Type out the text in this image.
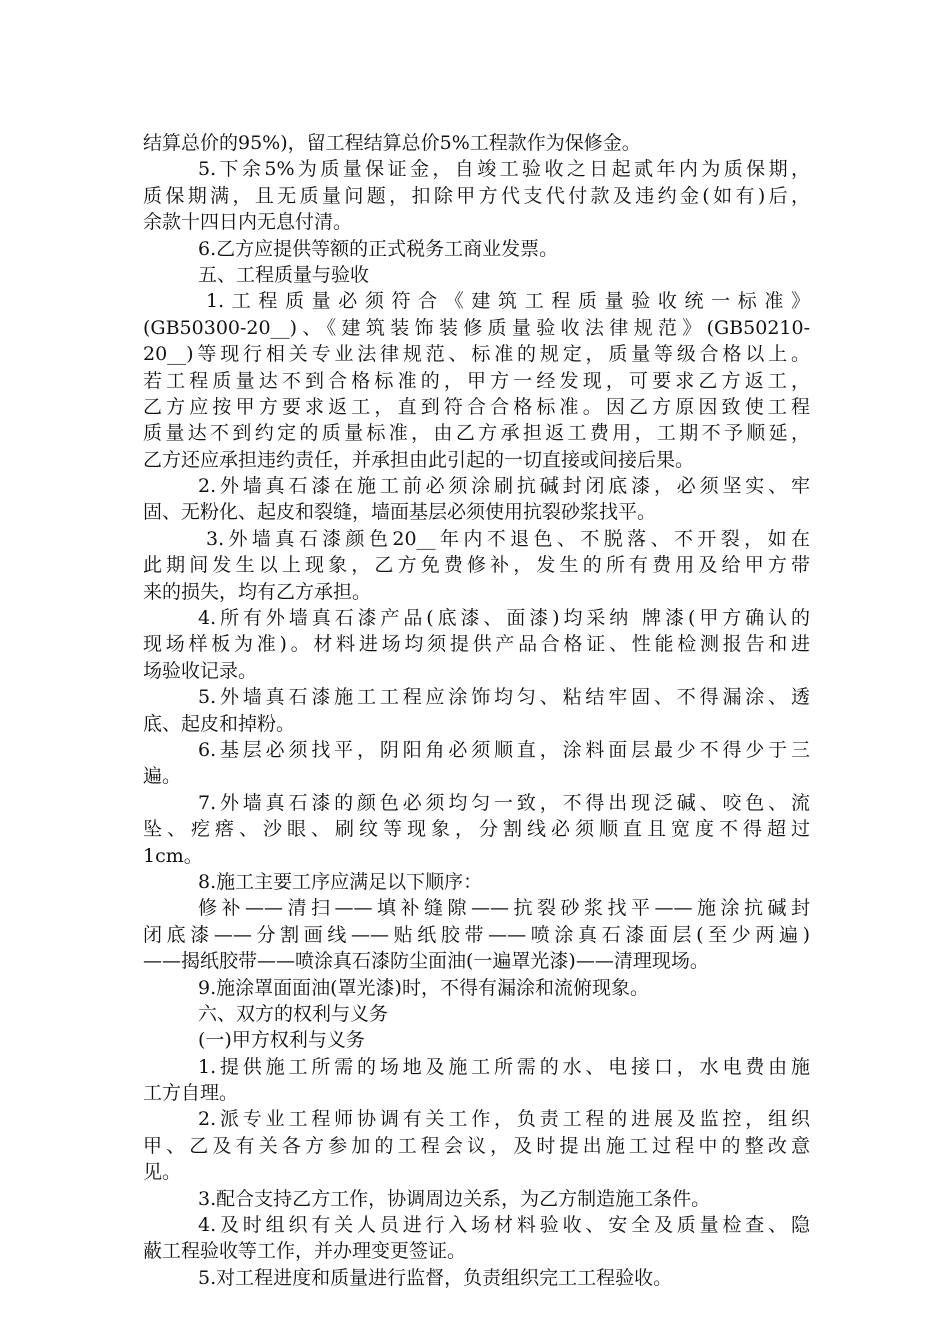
结算总价的95%)，留工程结算总价5%工程款作为保修金。
5.下余5%为质量保证金，自竣工验收之日起贰年内为质保期，
质保期满，且无质量问题，扣除甲方代支代付款及违约金(如有)后，
余款十四日内无息付清。
6.乙方应提供等额的正式税务工商业发票。
五、工程质量与验收
1.工程质量必须符合《建筑工程质量验收统一标准》
(GB50300-20__)、《建筑装饰装修质量验收法律规范》(GB50210-
20__)等现行相关专业法律规范、标准的规定，质量等级合格以上。
若工程质量达不到合格标准的，甲方一经发现，可要求乙方返工，
乙方应按甲方要求返工，直到符合合格标准。因乙方原因致使工程
质量达不到约定的质量标准，由乙方承担返工费用，工期不予顺延，
乙方还应承担违约责任，并承担由此引起的一切直接或间接后果。
2.外墙真石漆在施工前必须涂刷抗碱封闭底漆，必须坚实、牢
固、无粉化、起皮和裂缝，墙面基层必须使用抗裂砂浆找平。
3.外墙真石漆颜色20__年内不退色、不脱落、不开裂，如在
此期间发生以上现象，乙方免费修补，发生的所有费用及给甲方带
来的损失，均有乙方承担。
4.所有外墙真石漆产品(底漆、面漆)均采纳 牌漆(甲方确认的
现场样板为准)。材料进场均须提供产品合格证、性能检测报告和进
场验收记录。
5.外墙真石漆施工工程应涂饰均匀、粘结牢固、不得漏涂、透
底、起皮和掉粉。
6.基层必须找平，阴阳角必须顺直，涂料面层最少不得少于三
遍。
7.外墙真石漆的颜色必须均匀一致，不得出现泛碱、咬色、流
坠、疙瘩、沙眼、刷纹等现象，分割线必须顺直且宽度不得超过
1cm。
8.施工主要工序应满足以下顺序：
修补——清扫——填补缝隙——抗裂砂浆找平——施涂抗碱封
闭底漆——分割画线——贴纸胶带——喷涂真石漆面层(至少两遍)
——揭纸胶带——喷涂真石漆防尘面油(一遍罩光漆)——清理现场。
9.施涂罩面面油(罩光漆)时，不得有漏涂和流俯现象。
六、双方的权利与义务
(一)甲方权利与义务
1.提供施工所需的场地及施工所需的水、电接口，水电费由施
工方自理。
2.派专业工程师协调有关工作，负责工程的进展及监控，组织
甲、乙及有关各方参加的工程会议，及时提出施工过程中的整改意
见。
3.配合支持乙方工作，协调周边关系，为乙方制造施工条件。
4.及时组织有关人员进行入场材料验收、安全及质量检查、隐
蔽工程验收等工作，并办理变更签证。
5.对工程进度和质量进行监督，负责组织完工工程验收。
